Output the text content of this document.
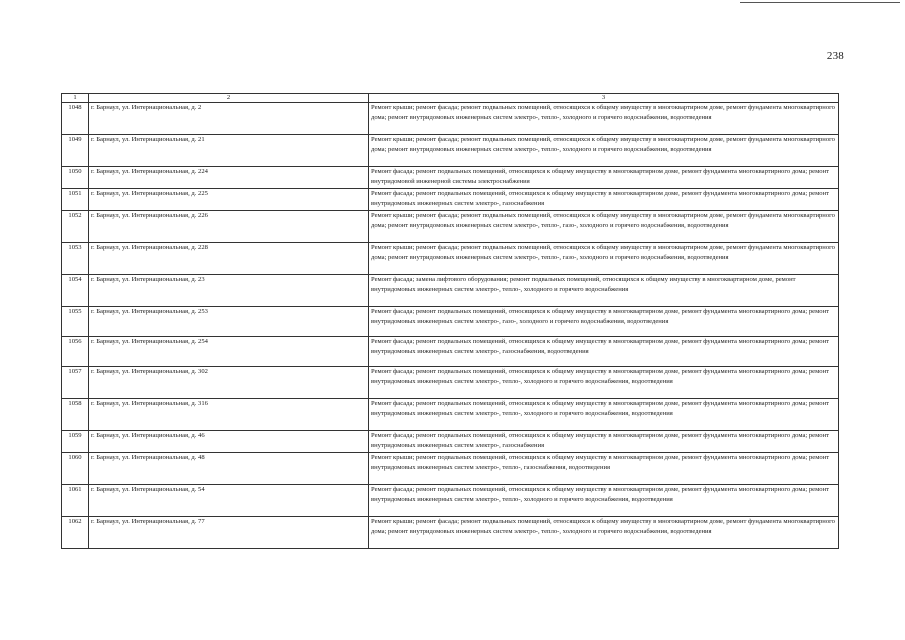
238
1	2	3
1048	г. Барнаул, ул. Интернациональная, д. 2	Ремонт крыши; ремонт фасада; ремонт подвальных помещений, относящихся к общему имуществу в многоквартирном доме, ремонт фундамента многоквартирного дома; ремонт внутридомовых инженерных систем электро-, тепло-, холодного и горячего водоснабжения, водоотведения
1049	г. Барнаул, ул. Интернациональная, д. 21	Ремонт крыши; ремонт фасада; ремонт подвальных помещений, относящихся к общему имуществу в многоквартирном доме, ремонт фундамента многоквартирного дома; ремонт внутридомовых инженерных систем электро-, тепло-, холодного и горячего водоснабжения, водоотведения
1050	г. Барнаул, ул. Интернациональная, д. 224	Ремонт фасада; ремонт подвальных помещений, относящихся к общему имуществу в многоквартирном доме, ремонт фундамента многоквартирного дома; ремонт внутридомовой инженерной системы электроснабжения
1051	г. Барнаул, ул. Интернациональная, д. 225	Ремонт фасада; ремонт подвальных помещений, относящихся к общему имуществу в многоквартирном доме, ремонт фундамента многоквартирного дома; ремонт внутридомовых инженерных систем электро-, газоснабжения
1052	г. Барнаул, ул. Интернациональная, д. 226	Ремонт крыши; ремонт фасада; ремонт подвальных помещений, относящихся к общему имуществу в многоквартирном доме, ремонт фундамента многоквартирного дома; ремонт внутридомовых инженерных систем электро-, тепло-, газо-, холодного и горячего водоснабжения, водоотведения
1053	г. Барнаул, ул. Интернациональная, д. 228	Ремонт крыши; ремонт фасада; ремонт подвальных помещений, относящихся к общему имуществу в многоквартирном доме, ремонт фундамента многоквартирного дома; ремонт внутридомовых инженерных систем электро-, тепло-, газо-, холодного и горячего водоснабжения, водоотведения
1054	г. Барнаул, ул. Интернациональная, д. 23	Ремонт фасада; замена лифтового оборудования; ремонт подвальных помещений, относящихся к общему имуществу в многоквартирном доме, ремонт внутридомовых инженерных систем электро-, тепло-, холодного и горячего водоснабжения
1055	г. Барнаул, ул. Интернациональная, д. 253	Ремонт фасада; ремонт подвальных помещений, относящихся к общему имуществу в многоквартирном доме, ремонт фундамента многоквартирного дома; ремонт внутридомовых инженерных систем электро-, газо-, холодного и горячего водоснабжения, водоотведения
1056	г. Барнаул, ул. Интернациональная, д. 254	Ремонт фасада; ремонт подвальных помещений, относящихся к общему имуществу в многоквартирном доме, ремонт фундамента многоквартирного дома; ремонт внутридомовых инженерных систем электро-, газоснабжения, водоотведения
1057	г. Барнаул, ул. Интернациональная, д. 302	Ремонт фасада; ремонт подвальных помещений, относящихся к общему имуществу в многоквартирном доме, ремонт фундамента многоквартирного дома; ремонт внутридомовых инженерных систем электро-, тепло-, холодного и горячего водоснабжения, водоотведения
1058	г. Барнаул, ул. Интернациональная, д. 316	Ремонт фасада; ремонт подвальных помещений, относящихся к общему имуществу в многоквартирном доме, ремонт фундамента многоквартирного дома; ремонт внутридомовых инженерных систем электро-, тепло-, холодного и горячего водоснабжения, водоотведения
1059	г. Барнаул, ул. Интернациональная, д. 46	Ремонт фасада; ремонт подвальных помещений, относящихся к общему имуществу в многоквартирном доме, ремонт фундамента многоквартирного дома; ремонт внутридомовых инженерных систем электро-, газоснабжения
1060	г. Барнаул, ул. Интернациональная, д. 48	Ремонт крыши; ремонт подвальных помещений, относящихся к общему имуществу в многоквартирном доме, ремонт фундамента многоквартирного дома; ремонт внутридомовых инженерных систем электро-, тепло-, газоснабжения, водоотведения
1061	г. Барнаул, ул. Интернациональная, д. 54	Ремонт фасада; ремонт подвальных помещений, относящихся к общему имуществу в многоквартирном доме, ремонт фундамента многоквартирного дома; ремонт внутридомовых инженерных систем электро-, тепло-, холодного и горячего водоснабжения, водоотведения
1062	г. Барнаул, ул. Интернациональная, д. 77	Ремонт крыши; ремонт фасада; ремонт подвальных помещений, относящихся к общему имуществу в многоквартирном доме, ремонт фундамента многоквартирного дома; ремонт внутридомовых инженерных систем электро-, тепло-, холодного и горячего водоснабжения, водоотведения
